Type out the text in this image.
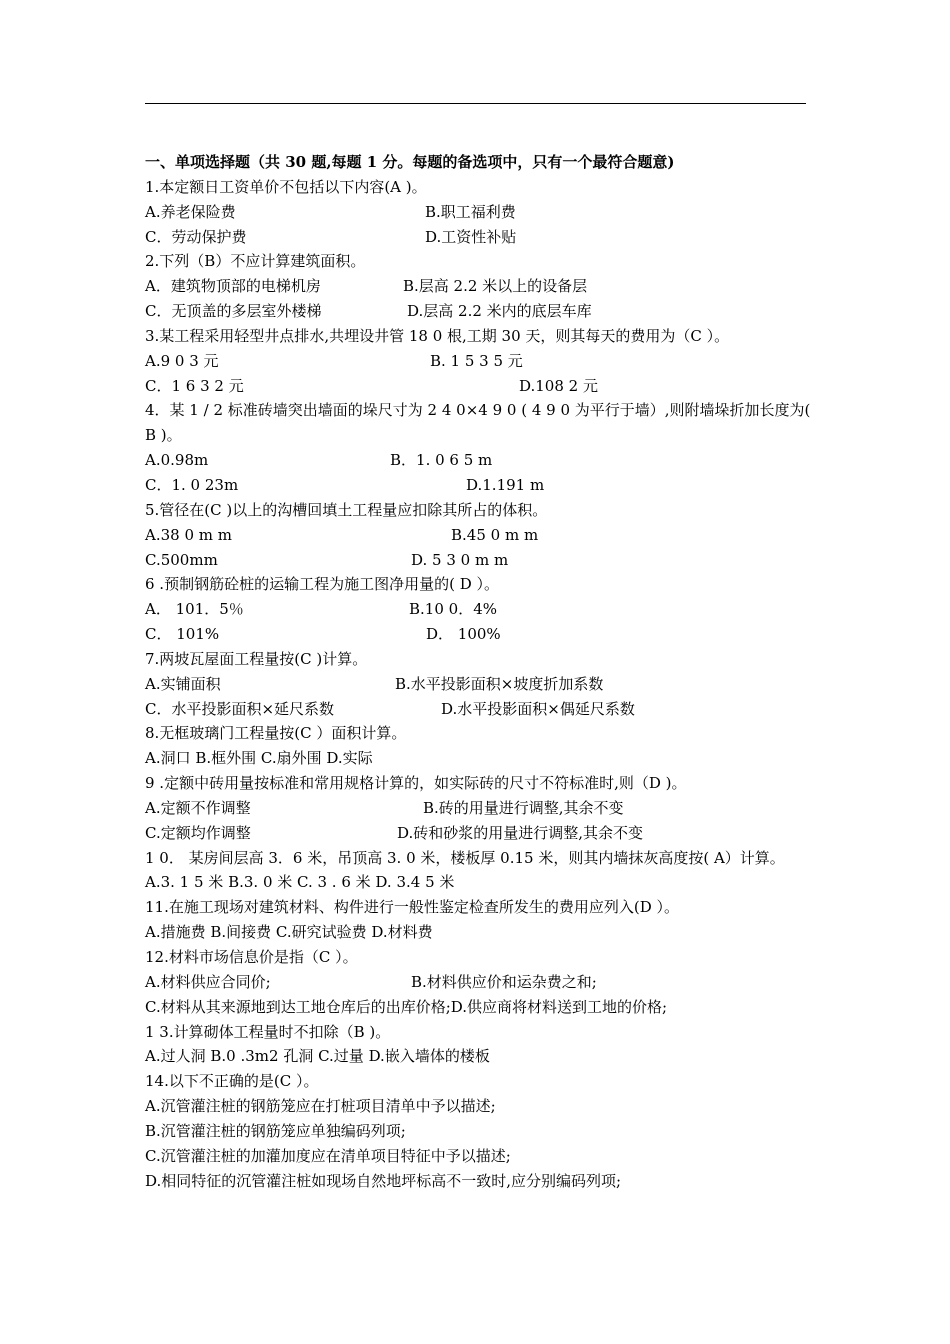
一、单项选择题（共 30 题,每题 1 分。每题的备选项中，只有一个最符合题意)
1.本定额日工资单价不包括以下内容(A )。
A.养老保险费	B.职工福利费
C．劳动保护费	D.工资性补贴
2.下列（B）不应计算建筑面积。
A．建筑物顶部的电梯机房	B.层高 2.2 米以上的设备层
C．无顶盖的多层室外楼梯	D.层高 2.2 米内的底层车库
3.某工程采用轻型井点排水,共埋设井管 18 0 根,工期 30 天，则其每天的费用为（C ）。
A.9 0 3 元	B. 1 5 3 5 元
C．1 6 3 2 元	D.108 2 元
4．某 1 / 2 标准砖墙突出墙面的垛尺寸为 2 4 0×4 9 0 ( 4 9 0 为平行于墙）,则附墙垛折加长度为( B )。
A.0.98m	B．1. 0 6 5 m
C．1. 0 23m	D.1.191 m
5.管径在(C )以上的沟槽回填土工程量应扣除其所占的体积。
A.38 0 m m	B.45 0 m m
C.500mm	D. 5 3 0 m m
6 .预制钢筋砼桩的运输工程为施工图净用量的( D ）。
A． 101．5％	B.10 0．4%
C． 101%	D． 100%
7.两坡瓦屋面工程量按(C )计算。
A.实铺面积	B.水平投影面积×坡度折加系数
C．水平投影面积×延尺系数	D.水平投影面积×偶延尺系数
8.无框玻璃门工程量按(C ）面积计算。
A.洞口 B.框外围 C.扇外围 D.实际
9 .定额中砖用量按标准和常用规格计算的，如实际砖的尺寸不符标准时,则（D )。
A.定额不作调整	B.砖的用量进行调整,其余不变
C.定额均作调整	D.砖和砂浆的用量进行调整,其余不变
1 0． 某房间层高 3．6 米，吊顶高 3. 0 米，楼板厚 0.15 米，则其内墙抹灰高度按( A）计算。
A.3. 1 5 米 B.3. 0 米 C. 3 . 6 米 D. 3.4 5 米
11.在施工现场对建筑材料、构件进行一般性鉴定检查所发生的费用应列入(D ）。
A.措施费 B.间接费 C.研究试验费 D.材料费
12.材料市场信息价是指（C ）。
A.材料供应合同价;	B.材料供应价和运杂费之和;
C.材料从其来源地到达工地仓库后的出库价格;D.供应商将材料送到工地的价格;
1 3.计算砌体工程量时不扣除（B )。
A.过人洞 B.0 .3m2 孔洞 C.过量 D.嵌入墙体的楼板
14.以下不正确的是(C ）。
A.沉管灌注桩的钢筋笼应在打桩项目清单中予以描述;
B.沉管灌注桩的钢筋笼应单独编码列项;
C.沉管灌注桩的加灌加度应在清单项目特征中予以描述;
D.相同特征的沉管灌注桩如现场自然地坪标高不一致时,应分别编码列项;
